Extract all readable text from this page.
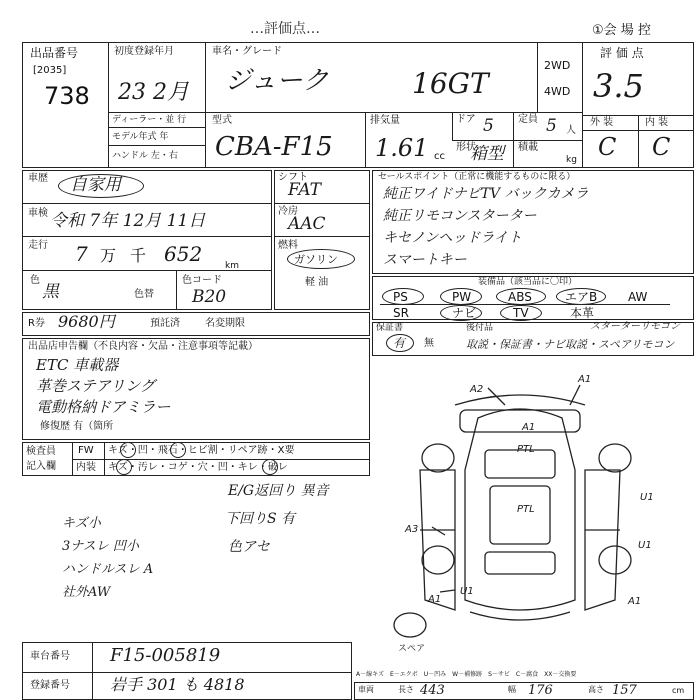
…評価点…	①会 場 控
出品番号
[2035]
738
初度登録年月
23 2月
車名・グレード
ジューク	16GT
2WD
4WD
評 価 点
3.5
ディーラー・並 行
モデル年式 年
ハンドル 左・右
型式
CBA-F15
排気量
1.61 cc
ドア 5 定員 5 人
形状
箱型 積載
kg
外 装	内 装
C C
車歴 自家用
車検 令和 7年 12月 11日
走行 7 万 千 652	km
色
黒	色替
色コード
B20
シフト
FAT
冷房
AAC
燃料
ガソリン
軽 油
セールスポイント（正常に機能するものに限る）
純正ワイドナビTV バックカメラ
純正リモコンスターター
キセノンヘッドライト
スマートキー
装備品（該当品に〇印）
PS	PW	ABS	エアB	AW
SR	ナビ	TV	本革
R券 9680円	預託済	名変期限	保証書
有 無
後付品	スターターリモコン
取説・保証書・ナビ取説・スペアリモコン
出品店申告欄（不良内容・欠品・注意事項等記載）
ETC 車載器
革巻ステアリング
電動格納ドアミラー
修復歴 有（箇所
検査員
記入欄
FW キズ・凹・飛石・ヒビ割・リペア跡・X要
内装 キズ・汚レ・コゲ・穴・凹・キレ・破レ
E/G返回り 異音
下回りS 有
色アセ
キズ小
3ナスレ 凹小
ハンドルスレ A
社外AW
A2
A1
A1
PTL
PTL
U1
A3
U1
U1
A1	A1
スペア
車台番号 F15-005819
登録番号	岩手 301 も 4818
A－線キズ　E－エクボ　U－凹み　W－補修跡　S－サビ　C－腐食　XX－交換要
車両	長さ 443	幅 176	高さ 157	cm
